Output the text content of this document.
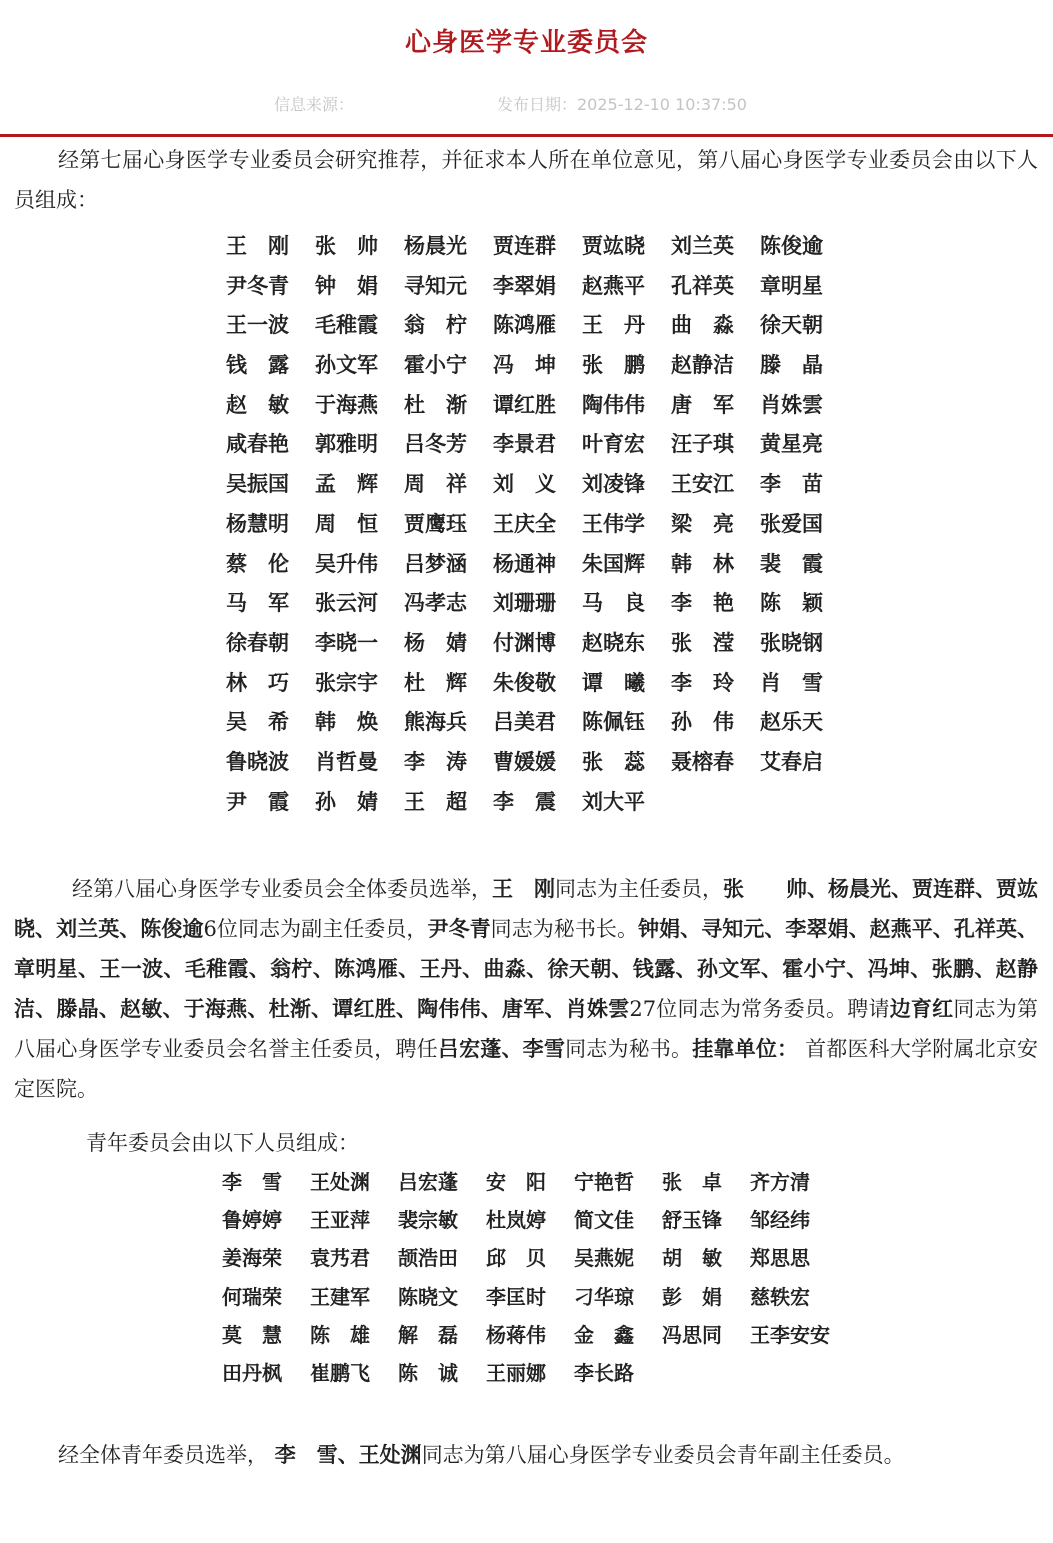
心身医学专业委员会
信息来源：	发布日期：2025-12-10 10:37:50

经第七届心身医学专业委员会研究推荐，并征求本人所在单位意见，第八届心身医学专业委员会由以下人员组成：

王　刚	张　帅	杨晨光	贾连群	贾竑晓	刘兰英	陈俊逾
尹冬青	钟　娟	寻知元	李翠娟	赵燕平	孔祥英	章明星
王一波	毛稚霞	翁　柠	陈鸿雁	王　丹	曲　淼	徐天朝
钱　露	孙文军	霍小宁	冯　坤	张　鹏	赵静洁	滕　晶
赵　敏	于海燕	杜　渐	谭红胜	陶伟伟	唐　军	肖姝雲
咸春艳	郭雅明	吕冬芳	李景君	叶育宏	汪子琪	黄星亮
吴振国	孟　辉	周　祥	刘　义	刘凌锋	王安江	李　苗
杨慧明	周　恒	贾鹰珏	王庆全	王伟学	梁　亮	张爱国
蔡　伦	吴升伟	吕梦涵	杨通神	朱国辉	韩　林	裴　霞
马　军	张云河	冯孝志	刘珊珊	马　良	李　艳	陈　颖
徐春朝	李晓一	杨　婧	付渊博	赵晓东	张　滢	张晓钢
林　巧	张宗宇	杜　辉	朱俊敬	谭　曦	李　玲	肖　雪
吴　希	韩　焕	熊海兵	吕美君	陈佩钰	孙　伟	赵乐天
鲁晓波	肖哲曼	李　涛	曹媛媛	张　蕊	聂榕春	艾春启
尹　霞	孙　婧	王　超	李　震	刘大平

经第八届心身医学专业委员会全体委员选举，王　刚同志为主任委员，张　　帅、杨晨光、贾连群、贾竑晓、刘兰英、陈俊逾6位同志为副主任委员，尹冬青同志为秘书长。钟娟、寻知元、李翠娟、赵燕平、孔祥英、章明星、王一波、毛稚霞、翁柠、陈鸿雁、王丹、曲淼、徐天朝、钱露、孙文军、霍小宁、冯坤、张鹏、赵静洁、滕晶、赵敏、于海燕、杜渐、谭红胜、陶伟伟、唐军、肖姝雲27位同志为常务委员。聘请边育红同志为第八届心身医学专业委员会名誉主任委员，聘任吕宏蓬、李雪同志为秘书。挂靠单位： 首都医科大学附属北京安定医院。

青年委员会由以下人员组成：
李　雪	王处渊	吕宏蓬	安　阳	宁艳哲	张　卓	齐方清
鲁婷婷	王亚萍	裴宗敏	杜岚婷	简文佳	舒玉锋	邹经纬
姜海荣	袁艿君	颉浩田	邱　贝	吴燕妮	胡　敏	郑思思
何瑞荣	王建军	陈晓文	李匡时	刁华琼	彭　娟	慈轶宏
莫　慧	陈　雄	解　磊	杨蒋伟	金　鑫	冯思同	王李安安
田丹枫	崔鹏飞	陈　诚	王丽娜	李长路

经全体青年委员选举， 李　雪、王处渊同志为第八届心身医学专业委员会青年副主任委员。
